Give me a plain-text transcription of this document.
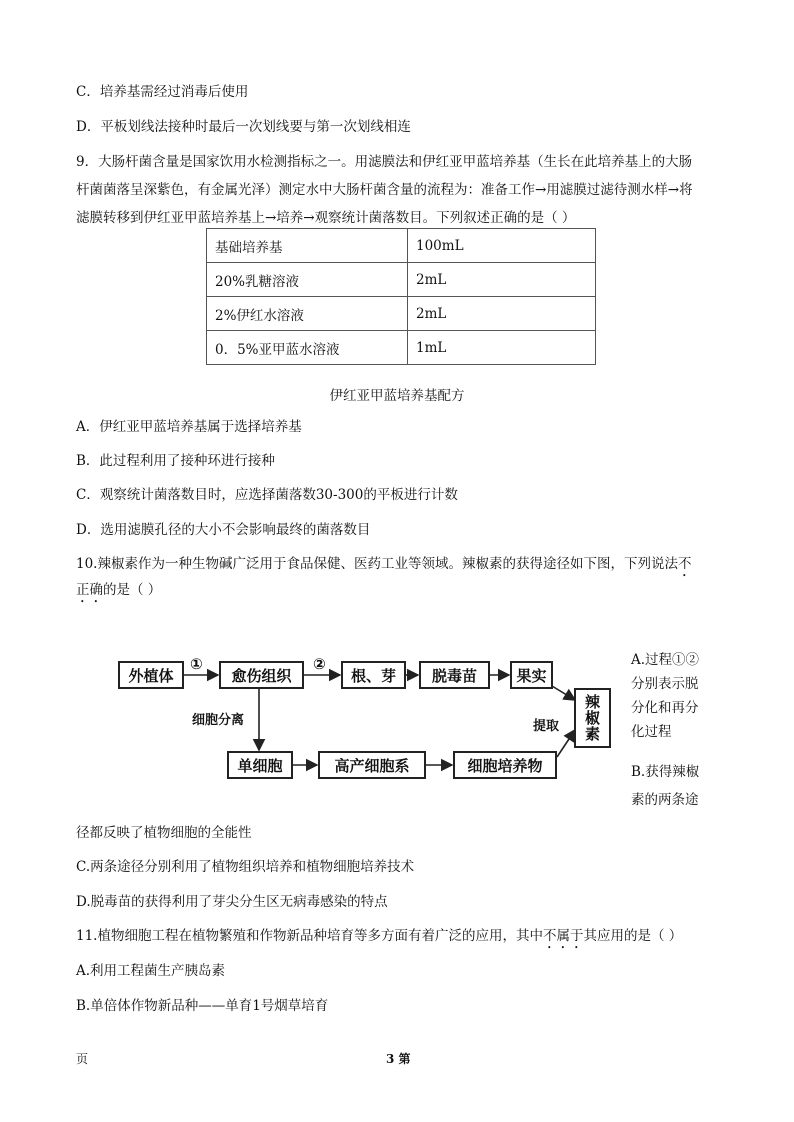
C．培养基需经过消毒后使用
D．平板划线法接种时最后一次划线要与第一次划线相连
9．大肠杆菌含量是国家饮用水检测指标之一。用滤膜法和伊红亚甲蓝培养基（生长在此培养基上的大肠
杆菌菌落呈深紫色，有金属光泽）测定水中大肠杆菌含量的流程为：准备工作→用滤膜过滤待测水样→将
滤膜转移到伊红亚甲蓝培养基上→培养→观察统计菌落数目。下列叙述正确的是（ ）
基础培养基	100mL
20%乳糖溶液	2mL
2%伊红水溶液	2mL
0．5%亚甲蓝水溶液	1mL
伊红亚甲蓝培养基配方
A．伊红亚甲蓝培养基属于选择培养基
B．此过程利用了接种环进行接种
C．观察统计菌落数目时，应选择菌落数30-300的平板进行计数
D．选用滤膜孔径的大小不会影响最终的菌落数目
10.辣椒素作为一种生物碱广泛用于食品保健、医药工业等领域。辣椒素的获得途径如下图，下列说法不
正确的是（ ）
外植体
①
愈伤组织
②
根、芽	脱毒苗	果实
辣椒素
细胞分离	提取
单细胞	高产细胞系	细胞培养物
A.过程①②
分别表示脱
分化和再分
化过程
B.获得辣椒
素的两条途
径都反映了植物细胞的全能性
C.两条途径分别利用了植物组织培养和植物细胞培养技术
D.脱毒苗的获得利用了芽尖分生区无病毒感染的特点
11.植物细胞工程在植物繁殖和作物新品种培育等多方面有着广泛的应用，其中不属于其应用的是（ ）
A.利用工程菌生产胰岛素
B.单倍体作物新品种——单育1号烟草培育
页	3 第
